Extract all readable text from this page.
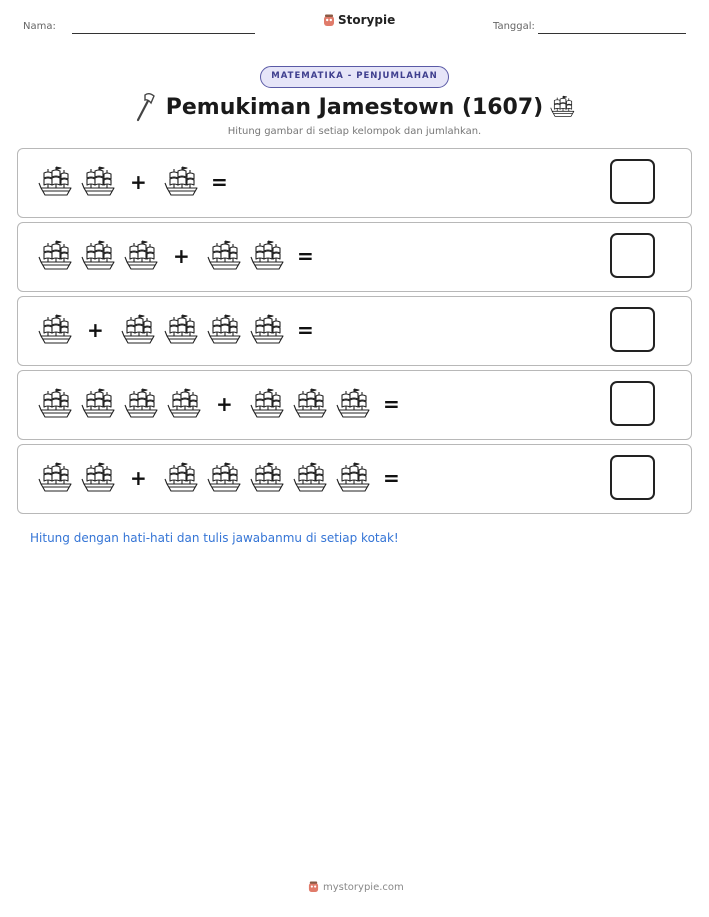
Nama:	Storypie	Tanggal:
MATEMATIKA - PENJUMLAHAN
Pemukiman Jamestown (1607)
Hitung gambar di setiap kelompok dan jumlahkan.
+	=
+	=
+	=
+	=
+	=
Hitung dengan hati-hati dan tulis jawabanmu di setiap kotak!
mystorypie.com
